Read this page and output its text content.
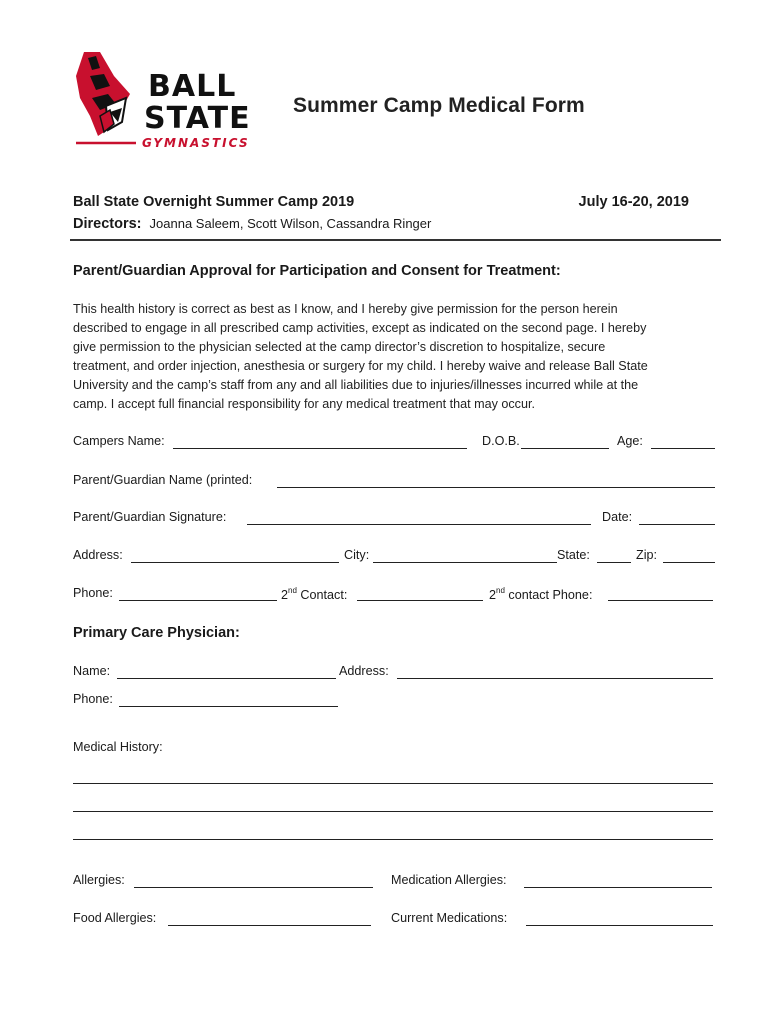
BALL
STATE
GYMNASTICS
Summer Camp Medical Form
Ball State Overnight Summer Camp 2019	July 16-20, 2019
Directors: Joanna Saleem, Scott Wilson, Cassandra Ringer
Parent/Guardian Approval for Participation and Consent for Treatment:
This health history is correct as best as I know, and I hereby give permission for the person herein
described to engage in all prescribed camp activities, except as indicated on the second page. I hereby
give permission to the physician selected at the camp director’s discretion to hospitalize, secure
treatment, and order injection, anesthesia or surgery for my child. I hereby waive and release Ball State
University and the camp’s staff from any and all liabilities due to injuries/illnesses incurred while at the
camp. I accept full financial responsibility for any medical treatment that may occur.
Campers Name:	D.O.B.	Age:
Parent/Guardian Name (printed:
Parent/Guardian Signature:	Date:
Address:	City:	State:	Zip:
Phone:	2nd Contact:	2nd contact Phone:
Primary Care Physician:
Name:	Address:
Phone:
Medical History:
Allergies:	Medication Allergies:
Food Allergies:	Current Medications:
